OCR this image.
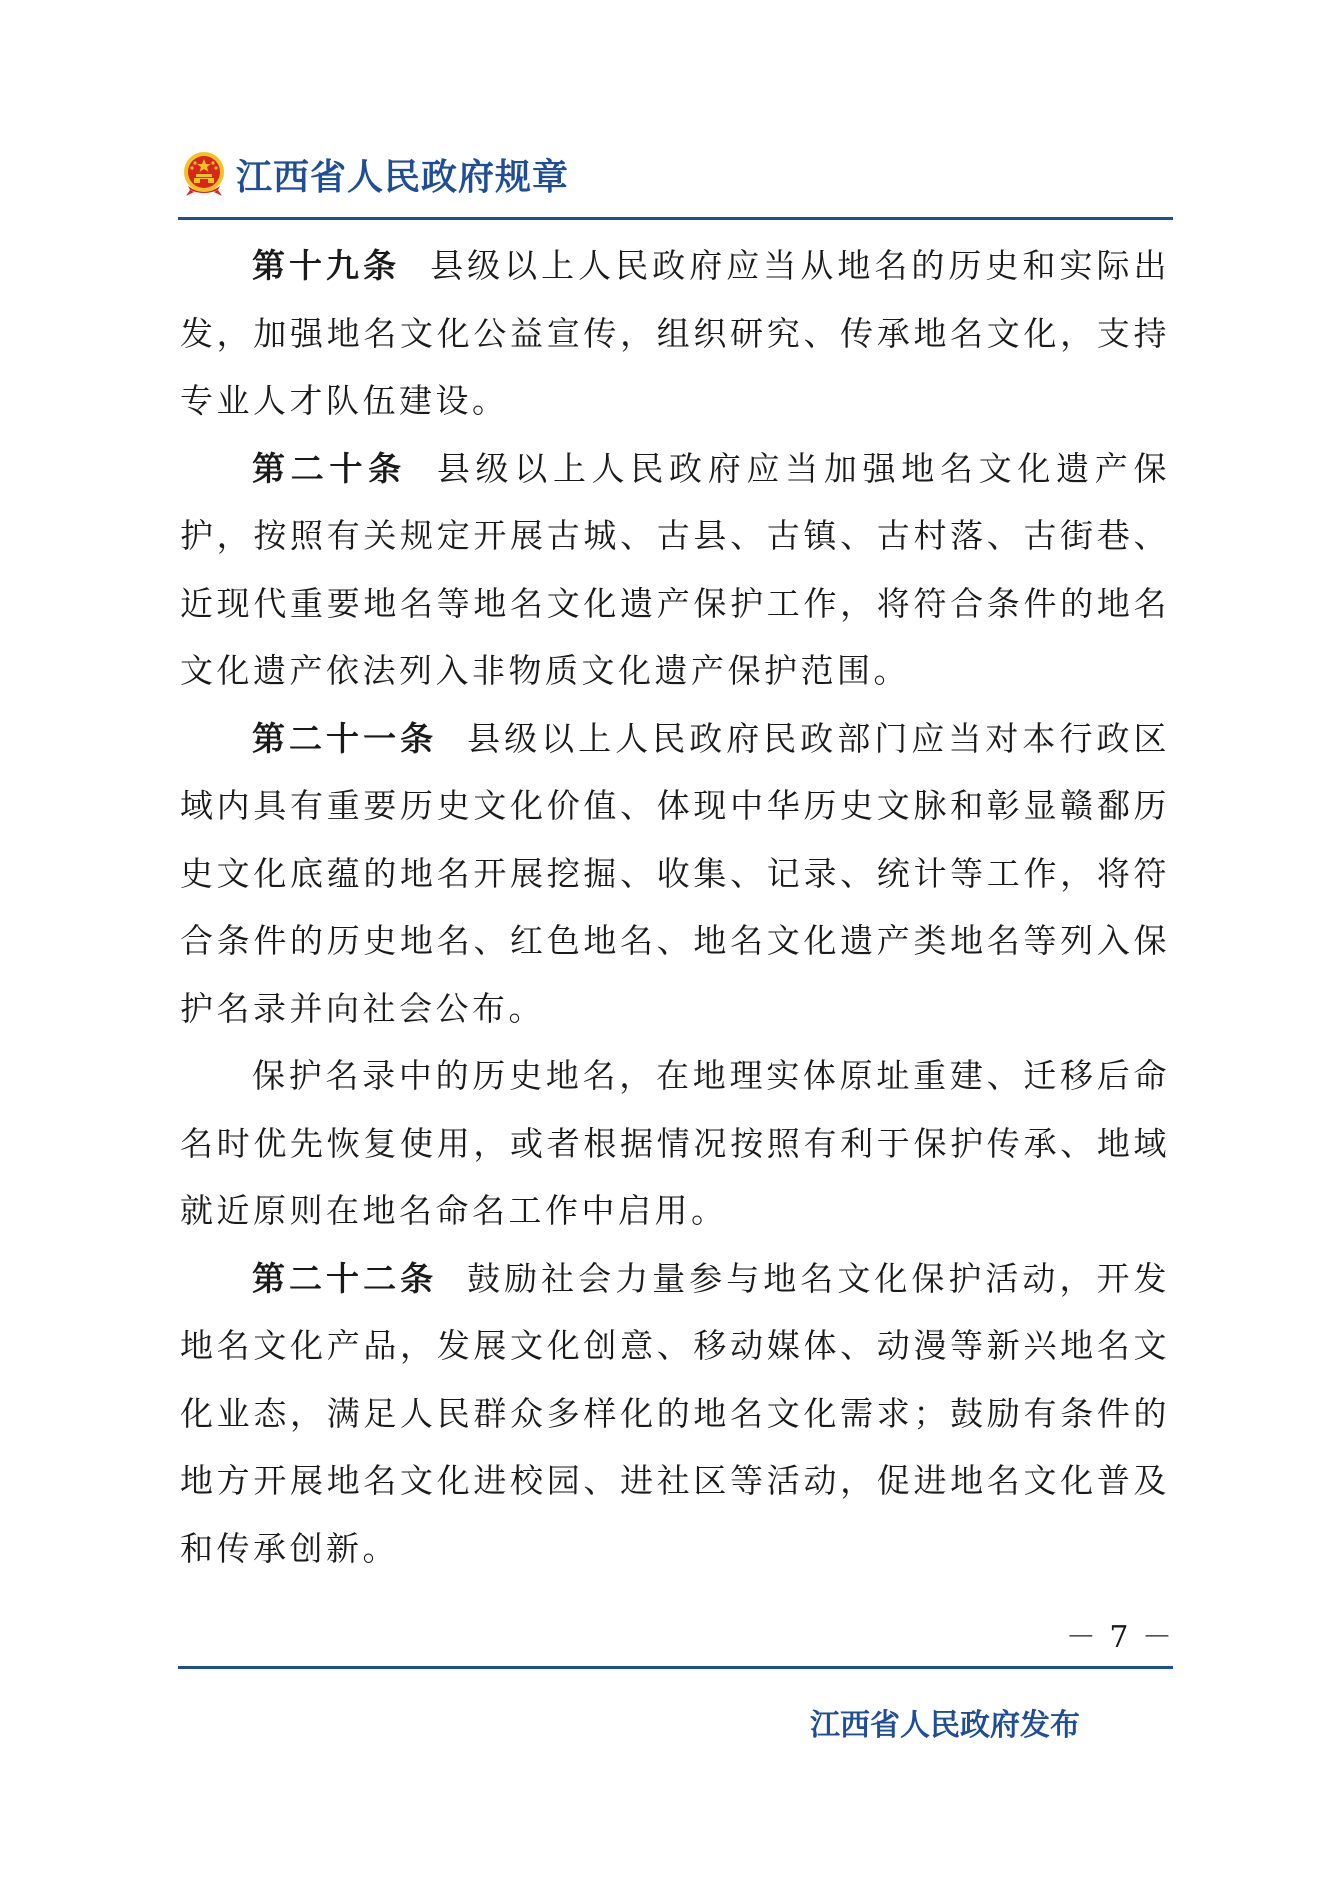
江西省人民政府规章

第十九条 县级以上人民政府应当从地名的历史和实际出发，加强地名文化公益宣传，组织研究、传承地名文化，支持专业人才队伍建设。

第二十条 县级以上人民政府应当加强地名文化遗产保护，按照有关规定开展古城、古县、古镇、古村落、古街巷、近现代重要地名等地名文化遗产保护工作，将符合条件的地名文化遗产依法列入非物质文化遗产保护范围。

第二十一条 县级以上人民政府民政部门应当对本行政区域内具有重要历史文化价值、体现中华历史文脉和彰显赣鄱历史文化底蕴的地名开展挖掘、收集、记录、统计等工作，将符合条件的历史地名、红色地名、地名文化遗产类地名等列入保护名录并向社会公布。

保护名录中的历史地名，在地理实体原址重建、迁移后命名时优先恢复使用，或者根据情况按照有利于保护传承、地域就近原则在地名命名工作中启用。

第二十二条 鼓励社会力量参与地名文化保护活动，开发地名文化产品，发展文化创意、移动媒体、动漫等新兴地名文化业态，满足人民群众多样化的地名文化需求；鼓励有条件的地方开展地名文化进校园、进社区等活动，促进地名文化普及和传承创新。

－ 7 －
江西省人民政府发布
